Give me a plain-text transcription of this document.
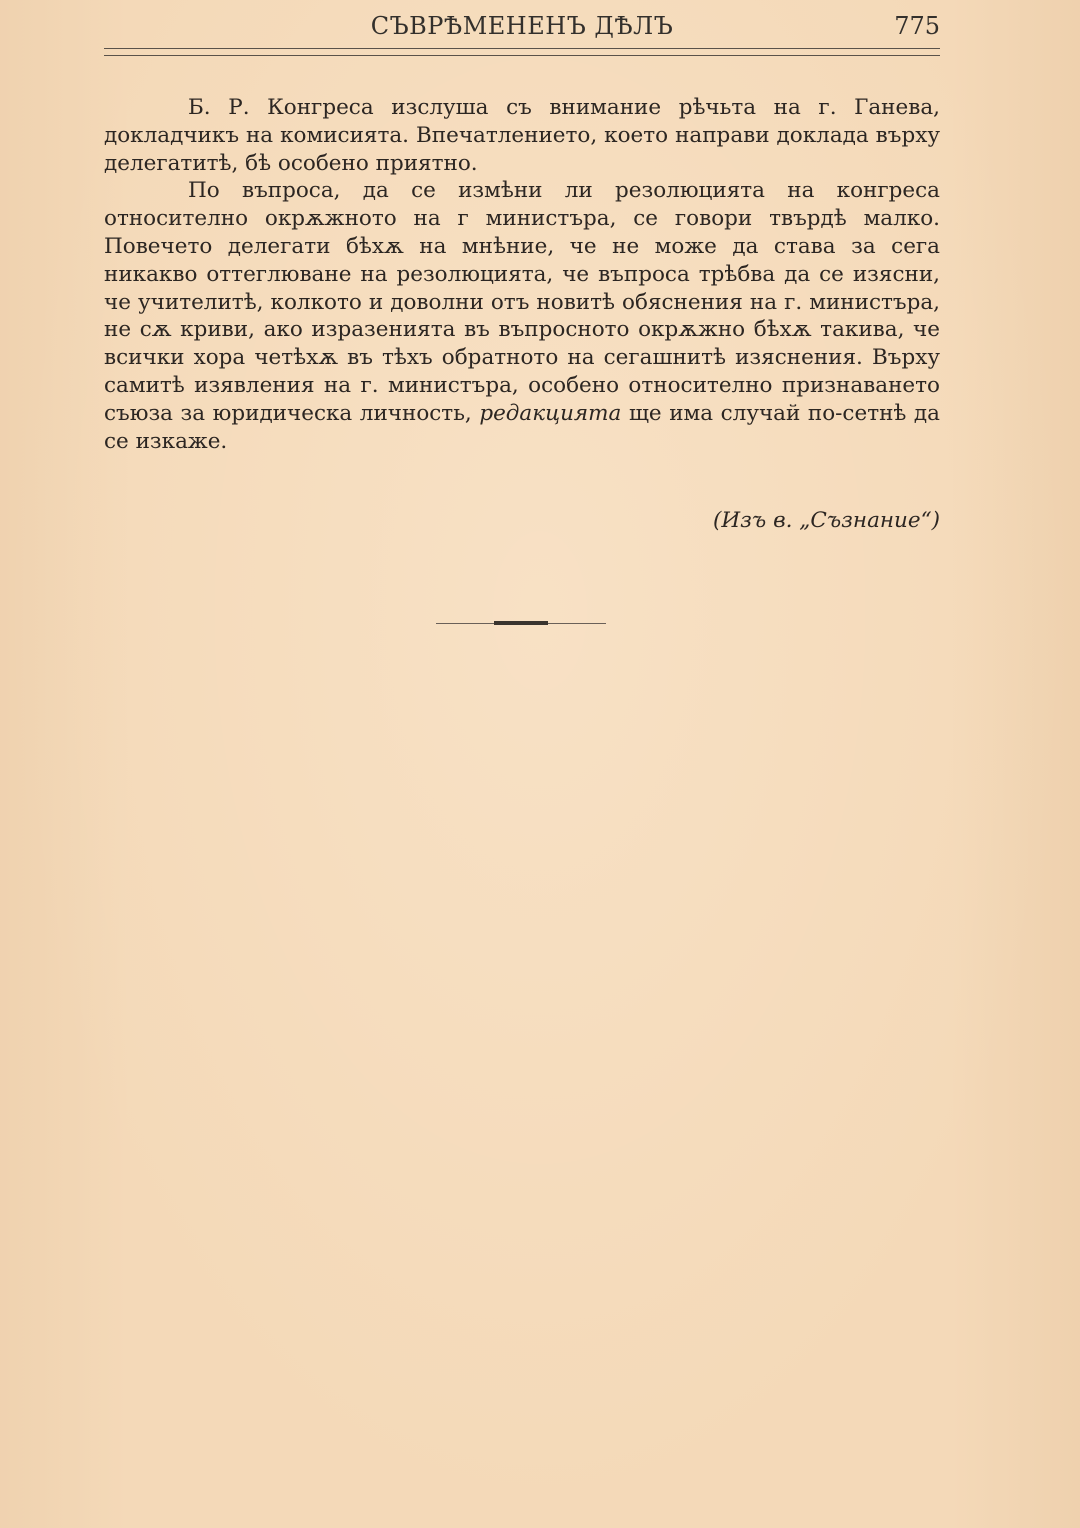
СЪВРѢМЕНЕНЪ ДѢЛЪ	775

Б. Р. Конгреса изслуша съ внимание рѣчьта на г. Ганева, докладчикъ на комисията. Впечатлението, което направи доклада върху делегатитѣ, бѣ особено приятно.

По въпроса, да се измѣни ли резолюцията на конгреса относително окрѫжното на г министъра, се говори твърдѣ малко. Повечето делегати бѣхѫ на мнѣние, че не може да става за сега никакво оттеглюване на резолюцията, че въпроса трѣбва да се изясни, че учителитѣ, колкото и доволни отъ новитѣ обяснения на г. министъра, не сѫ криви, ако изразенията въ въпросното окрѫжно бѣхѫ такива, че всички хора четѣхѫ въ тѣхъ обратното на сегашнитѣ изяснения. Върху самитѣ изявления на г. министъра, особено относително признаването съюза за юридическа личность, редакцията ще има случай по-сетнѣ да се изкаже.

(Изъ в. „Съзнание“)
